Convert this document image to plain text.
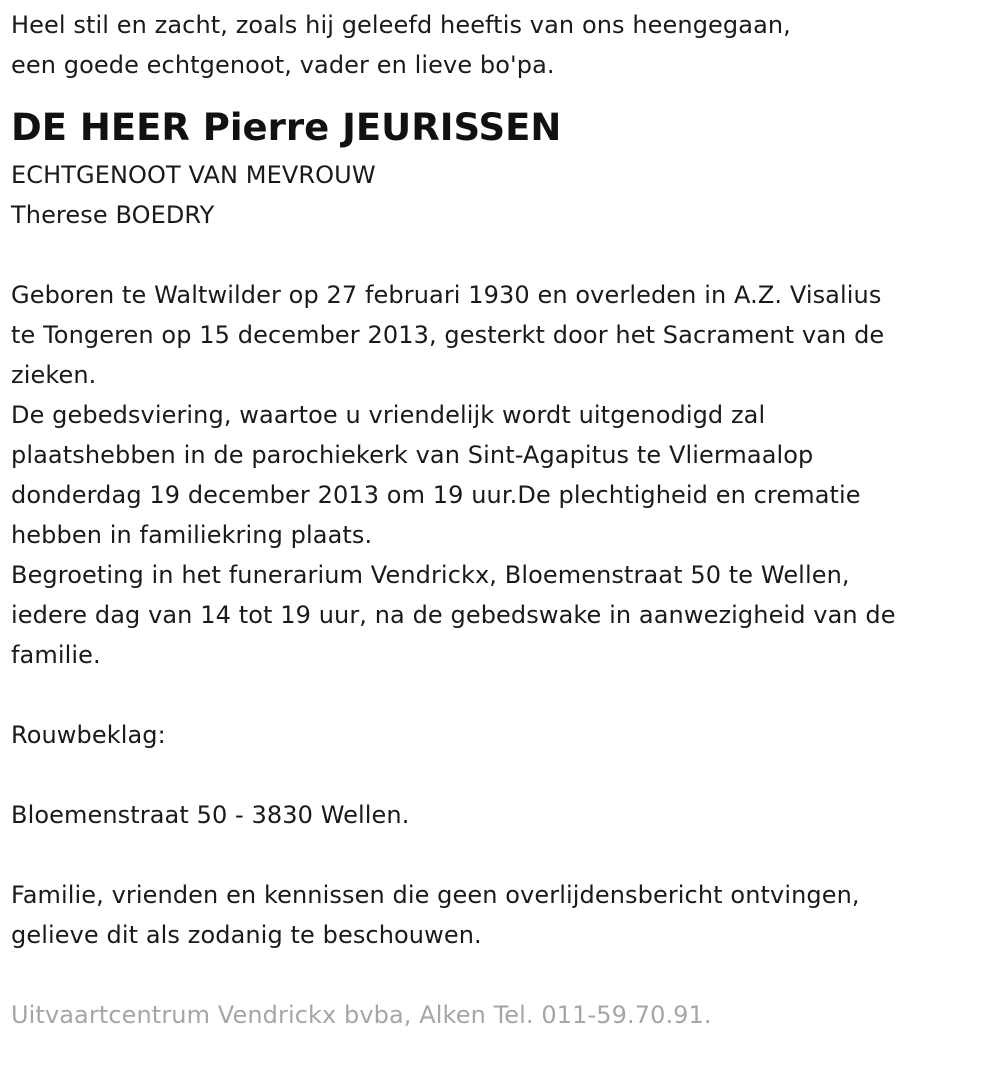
Heel stil en zacht, zoals hij geleefd heeftis van ons heengegaan,
een goede echtgenoot, vader en lieve bo'pa.
DE HEER Pierre JEURISSEN
ECHTGENOOT VAN MEVROUW
Therese BOEDRY
Geboren te Waltwilder op 27 februari 1930 en overleden in A.Z. Visalius
te Tongeren op 15 december 2013, gesterkt door het Sacrament van de
zieken.
De gebedsviering, waartoe u vriendelijk wordt uitgenodigd zal
plaatshebben in de parochiekerk van Sint-Agapitus te Vliermaalop
donderdag 19 december 2013 om 19 uur.De plechtigheid en crematie
hebben in familiekring plaats.
Begroeting in het funerarium Vendrickx, Bloemenstraat 50 te Wellen,
iedere dag van 14 tot 19 uur, na de gebedswake in aanwezigheid van de
familie.
Rouwbeklag:
Bloemenstraat 50 - 3830 Wellen.
Familie, vrienden en kennissen die geen overlijdensbericht ontvingen,
gelieve dit als zodanig te beschouwen.
Uitvaartcentrum Vendrickx bvba, Alken Tel. 011-59.70.91.
